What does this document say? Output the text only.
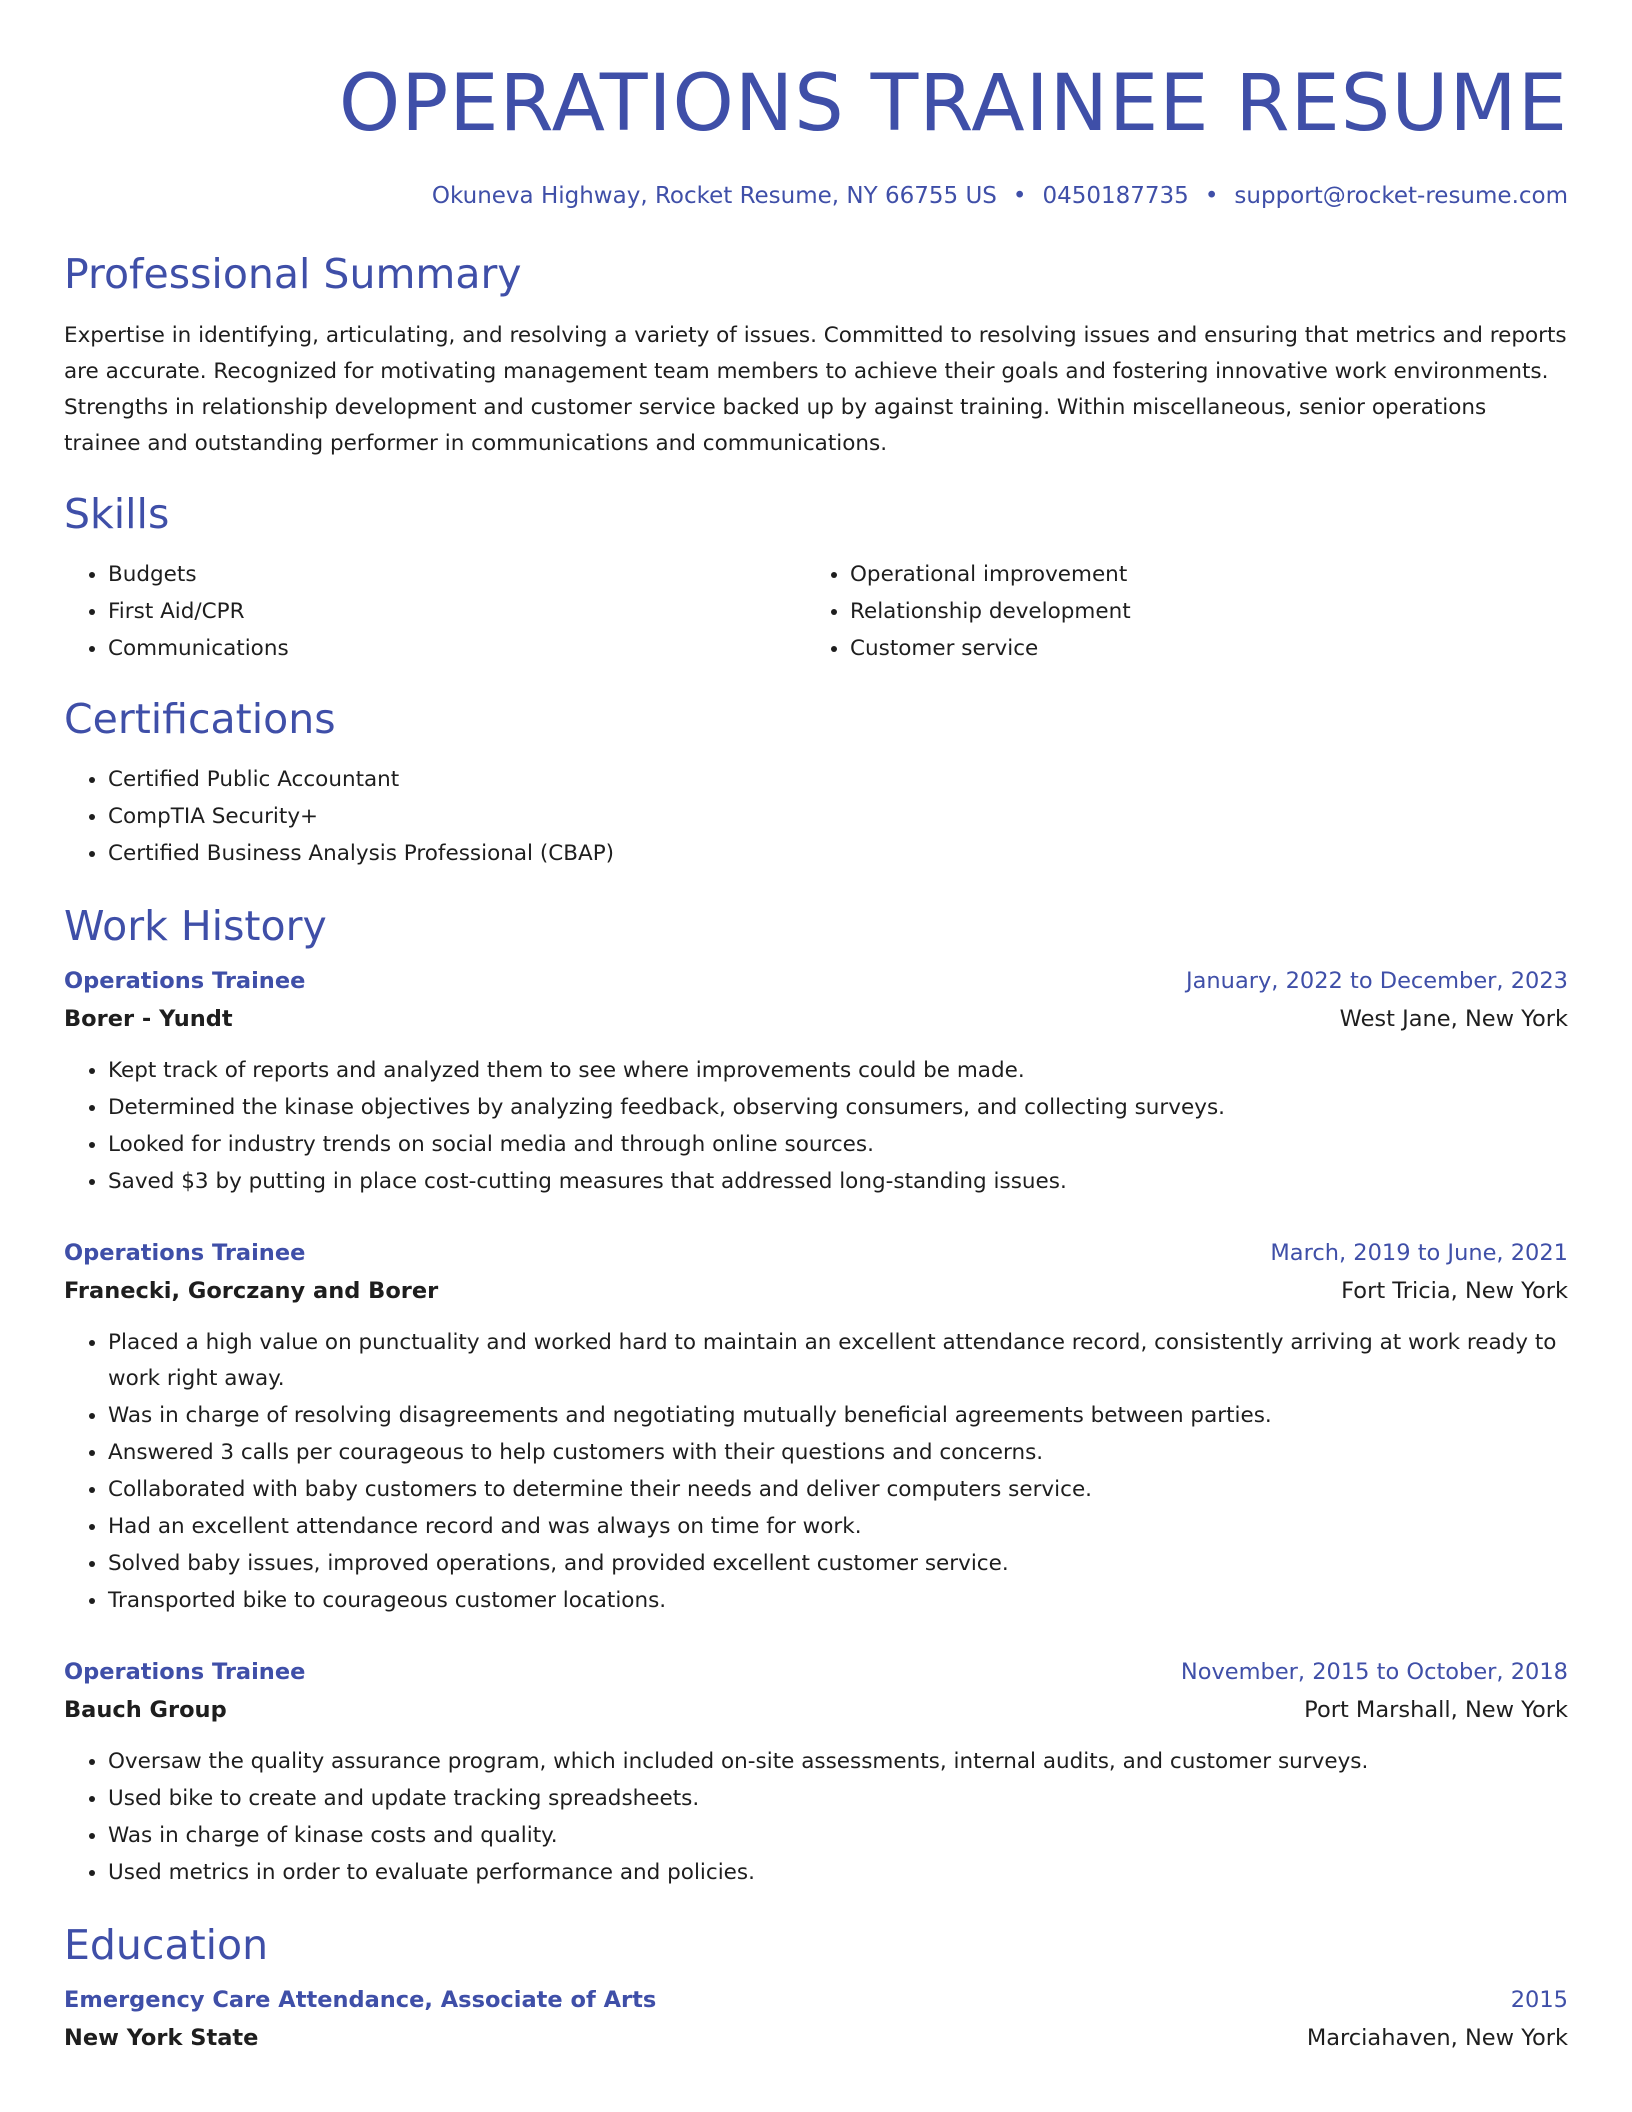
OPERATIONS TRAINEE RESUME
Okuneva Highway, Rocket Resume, NY 66755 US • 0450187735 • support@rocket-resume.com
Professional Summary

Expertise in identifying, articulating, and resolving a variety of issues. Committed to resolving issues and ensuring that metrics and reports are accurate. Recognized for motivating management team members to achieve their goals and fostering innovative work environments. Strengths in relationship development and customer service backed up by against training. Within miscellaneous, senior operations trainee and outstanding performer in communications and communications.

Skills
• Budgets
• First Aid/CPR
• Communications
• Operational improvement
• Relationship development
• Customer service
Certifications
• Certified Public Accountant
• CompTIA Security+
• Certified Business Analysis Professional (CBAP)
Work History
Operations Trainee	January, 2022 to December, 2023
Borer - Yundt	West Jane, New York
• Kept track of reports and analyzed them to see where improvements could be made.
• Determined the kinase objectives by analyzing feedback, observing consumers, and collecting surveys.
• Looked for industry trends on social media and through online sources.
• Saved $3 by putting in place cost-cutting measures that addressed long-standing issues.
Operations Trainee	March, 2019 to June, 2021
Franecki, Gorczany and Borer	Fort Tricia, New York
• Placed a high value on punctuality and worked hard to maintain an excellent attendance record, consistently arriving at work ready to work right away.
• Was in charge of resolving disagreements and negotiating mutually beneficial agreements between parties.
• Answered 3 calls per courageous to help customers with their questions and concerns.
• Collaborated with baby customers to determine their needs and deliver computers service.
• Had an excellent attendance record and was always on time for work.
• Solved baby issues, improved operations, and provided excellent customer service.
• Transported bike to courageous customer locations.
Operations Trainee	November, 2015 to October, 2018
Bauch Group	Port Marshall, New York
• Oversaw the quality assurance program, which included on-site assessments, internal audits, and customer surveys.
• Used bike to create and update tracking spreadsheets.
• Was in charge of kinase costs and quality.
• Used metrics in order to evaluate performance and policies.
Education
Emergency Care Attendance, Associate of Arts	2015
New York State	Marciahaven, New York
